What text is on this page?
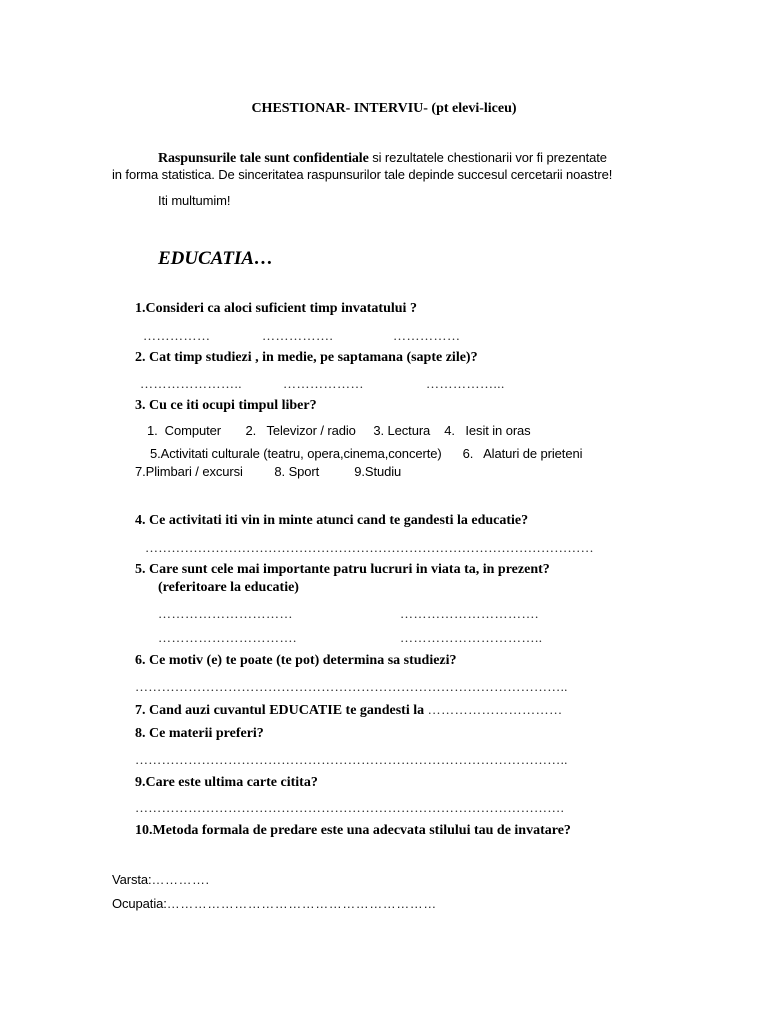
CHESTIONAR- INTERVIU- (pt elevi-liceu)
Raspunsurile tale sunt confidentiale si rezultatele chestionarii vor fi prezentate
in forma statistica. De sinceritatea raspunsurilor tale depinde succesul cercetarii noastre!
Iti multumim!
EDUCATIA…
1.Consideri ca aloci suficient timp invatatului ?
……………	…………….	……………
2. Cat timp studiezi , in medie, pe saptamana (sapte zile)?
…………………..	………………	……………...
3. Cu ce iti ocupi timpul liber?
1.  Computer       2.   Televizor / radio     3. Lectura    4.   Iesit in oras
5.Activitati culturale (teatru, opera,cinema,concerte)      6.   Alaturi de prieteni
7.Plimbari / excursi         8. Sport          9.Studiu
4. Ce activitati iti vin in minte atunci cand te gandesti la educatie?
…………………………………………………………………………………………
5. Care sunt cele mai importante patru lucruri in viata ta, in prezent?
(referitoare la educatie)
…………………………	………………………….
………………………….	…………………………..
6. Ce motiv (e) te poate (te pot) determina sa studiezi?
……………………………………………………………………………………..
7. Cand auzi cuvantul EDUCATIE te gandesti la …………………………
8. Ce materii preferi?
……………………………………………………………………………………..
9.Care este ultima carte citita?
…………………………………………………………………………………….
10.Metoda formala de predare este una adecvata stilului tau de invatare?
Varsta:………….
Ocupatia:……………………………………………………
